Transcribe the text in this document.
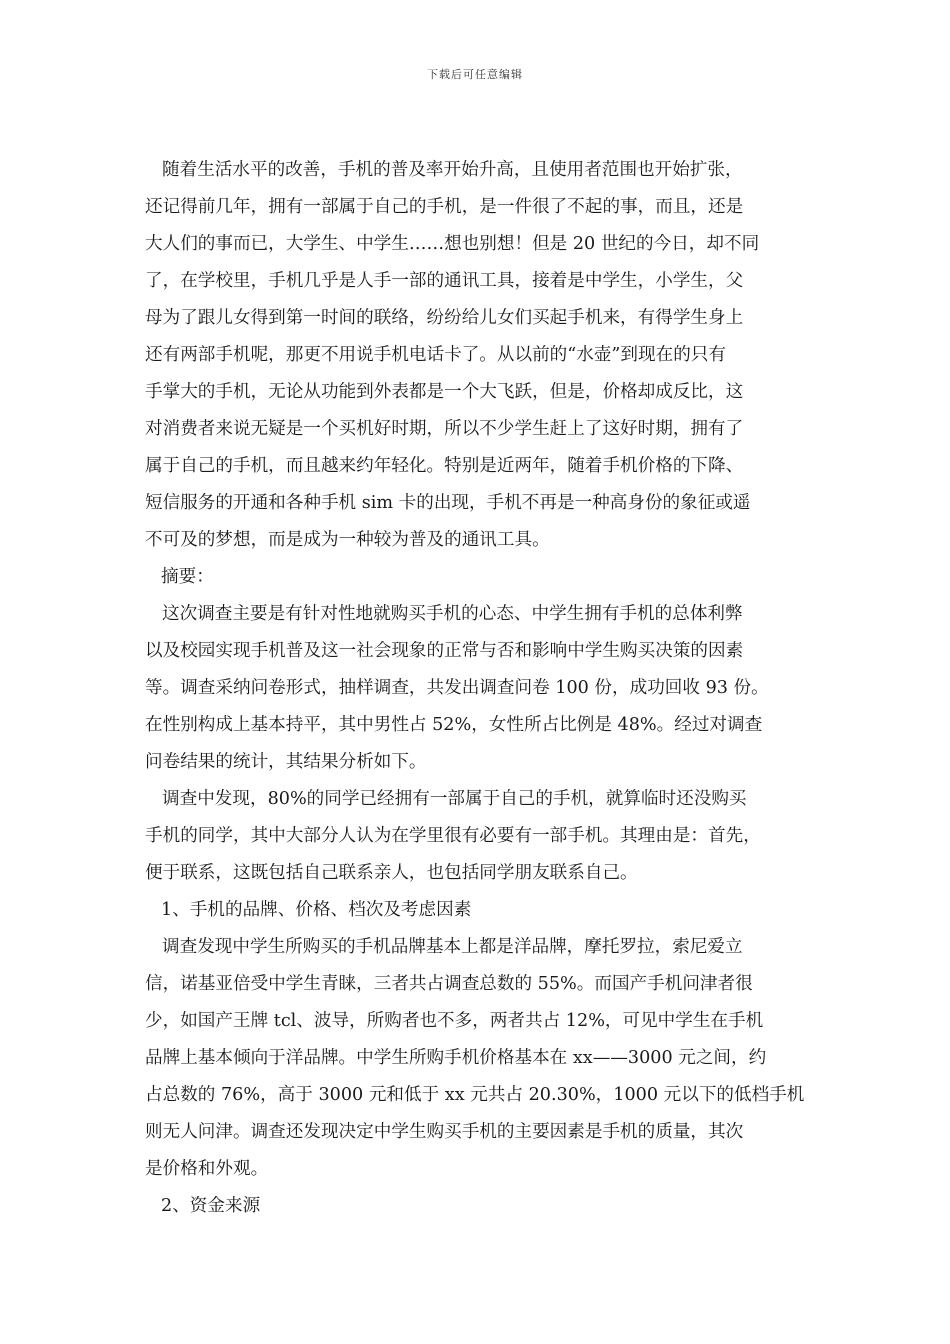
下载后可任意编辑
随着生活水平的改善，手机的普及率开始升高，且使用者范围也开始扩张，
还记得前几年，拥有一部属于自己的手机，是一件很了不起的事，而且，还是
大人们的事而已，大学生、中学生……想也别想！但是 20 世纪的今日，却不同
了，在学校里，手机几乎是人手一部的通讯工具，接着是中学生，小学生，父
母为了跟儿女得到第一时间的联络，纷纷给儿女们买起手机来，有得学生身上
还有两部手机呢，那更不用说手机电话卡了。从以前的“水壶”到现在的只有
手掌大的手机，无论从功能到外表都是一个大飞跃，但是，价格却成反比，这
对消费者来说无疑是一个买机好时期，所以不少学生赶上了这好时期，拥有了
属于自己的手机，而且越来约年轻化。特别是近两年，随着手机价格的下降、
短信服务的开通和各种手机 sim 卡的出现，手机不再是一种高身份的象征或遥
不可及的梦想，而是成为一种较为普及的通讯工具。
摘要：
这次调查主要是有针对性地就购买手机的心态、中学生拥有手机的总体利弊
以及校园实现手机普及这一社会现象的正常与否和影响中学生购买决策的因素
等。调查采纳问卷形式，抽样调查，共发出调查问卷 100 份，成功回收 93 份。
在性别构成上基本持平，其中男性占 52%，女性所占比例是 48%。经过对调查
问卷结果的统计，其结果分析如下。
调查中发现，80%的同学已经拥有一部属于自己的手机，就算临时还没购买
手机的同学，其中大部分人认为在学里很有必要有一部手机。其理由是：首先，
便于联系，这既包括自己联系亲人，也包括同学朋友联系自己。
1、手机的品牌、价格、档次及考虑因素
调查发现中学生所购买的手机品牌基本上都是洋品牌，摩托罗拉，索尼爱立
信，诺基亚倍受中学生青睐，三者共占调查总数的 55%。而国产手机问津者很
少，如国产王牌 tcl、波导，所购者也不多，两者共占 12%，可见中学生在手机
品牌上基本倾向于洋品牌。中学生所购手机价格基本在 xx——3000 元之间，约
占总数的 76%，高于 3000 元和低于 xx 元共占 20.30%，1000 元以下的低档手机
则无人问津。调查还发现决定中学生购买手机的主要因素是手机的质量，其次
是价格和外观。
2、资金来源
